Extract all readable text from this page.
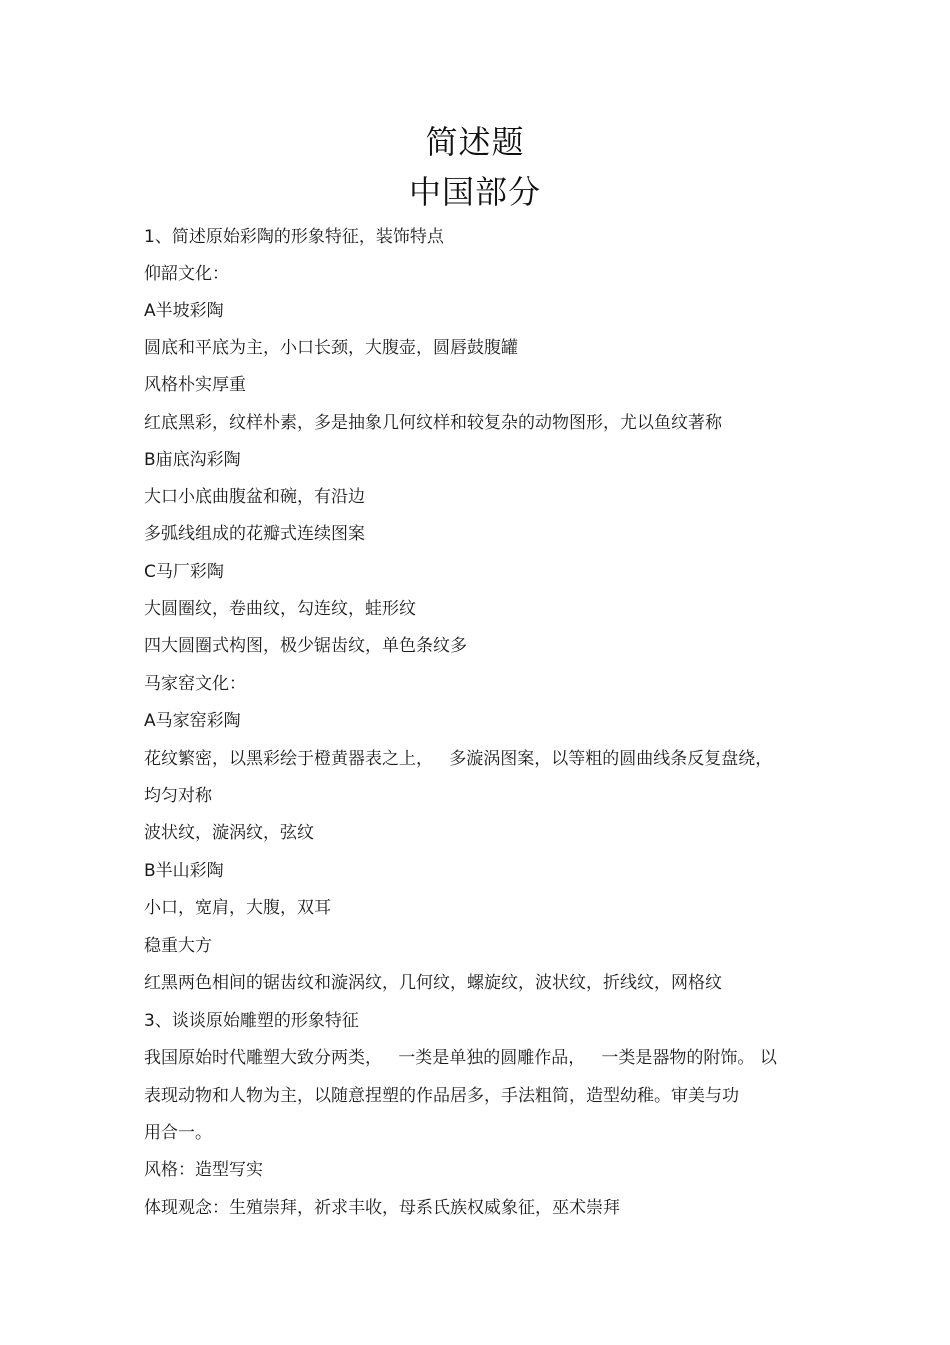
简述题
中国部分
1、简述原始彩陶的形象特征，装饰特点
仰韶文化：
A半坡彩陶
圆底和平底为主，小口长颈，大腹壶，圆唇鼓腹罐
风格朴实厚重
红底黑彩，纹样朴素，多是抽象几何纹样和较复杂的动物图形，尤以鱼纹著称
B庙底沟彩陶
大口小底曲腹盆和碗，有沿边
多弧线组成的花瓣式连续图案
C马厂彩陶
大圆圈纹，卷曲纹，勾连纹，蛙形纹
四大圆圈式构图，极少锯齿纹，单色条纹多
马家窑文化：
A马家窑彩陶
花纹繁密，以黑彩绘于橙黄器表之上，   多漩涡图案，以等粗的圆曲线条反复盘绕，
均匀对称
波状纹，漩涡纹，弦纹
B半山彩陶
小口，宽肩，大腹，双耳
稳重大方
红黑两色相间的锯齿纹和漩涡纹，几何纹，螺旋纹，波状纹，折线纹，网格纹
3、谈谈原始雕塑的形象特征
我国原始时代雕塑大致分两类，   一类是单独的圆雕作品，   一类是器物的附饰。 以
表现动物和人物为主，以随意捏塑的作品居多，手法粗简，造型幼稚。审美与功
用合一。
风格：造型写实
体现观念：生殖崇拜，祈求丰收，母系氏族权威象征，巫术崇拜
